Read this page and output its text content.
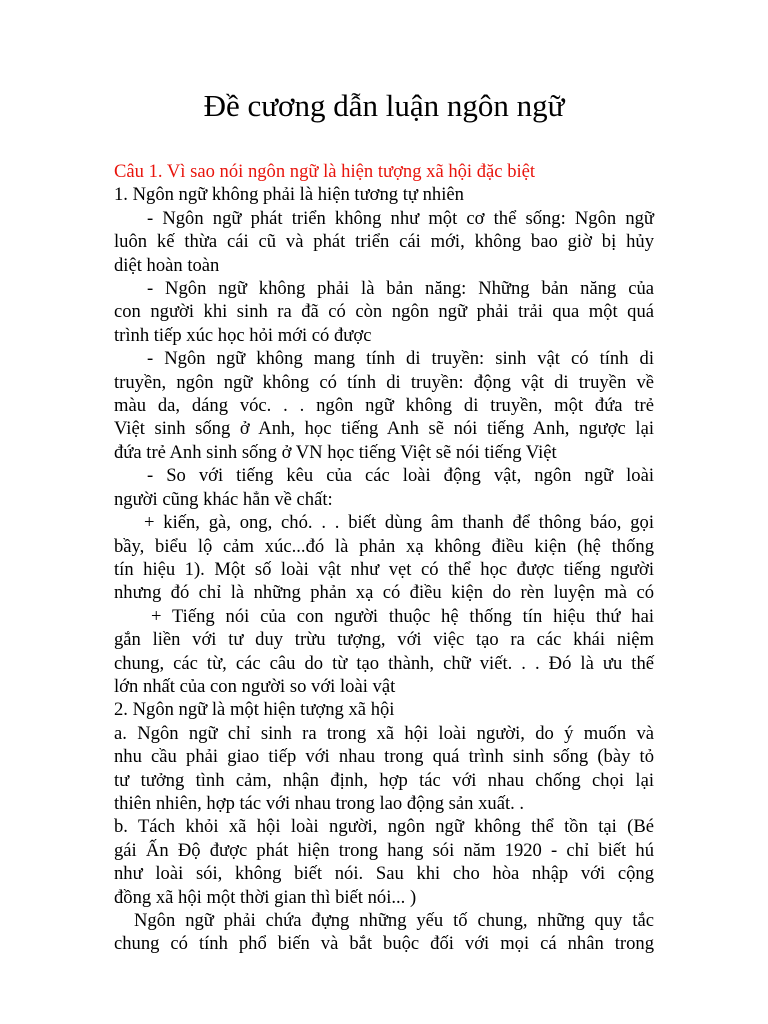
Đề cương dẫn luận ngôn ngữ
Câu 1. Vì sao nói ngôn ngữ là hiện tượng xã hội đặc biệt
1. Ngôn ngữ không phải là hiện tương tự nhiên
- Ngôn ngữ phát triển không như một cơ thể sống: Ngôn ngữ
luôn kế thừa cái cũ và phát triển cái mới, không bao giờ bị hủy
diệt hoàn toàn
- Ngôn ngữ không phải là bản năng: Những bản năng của
con người khi sinh ra đã có còn ngôn ngữ phải trải qua một quá
trình tiếp xúc học hỏi mới có được
- Ngôn ngữ không mang tính di truyền: sinh vật có tính di
truyền, ngôn ngữ không có tính di truyền: động vật di truyền về
màu da, dáng vóc. . . ngôn ngữ không di truyền, một đứa trẻ
Việt sinh sống ở Anh, học tiếng Anh sẽ nói tiếng Anh, ngược lại
đứa trẻ Anh sinh sống ở VN học tiếng Việt sẽ nói tiếng Việt
- So với tiếng kêu của các loài động vật, ngôn ngữ loài
người cũng khác hẳn về chất:
+ kiến, gà, ong, chó. . . biết dùng âm thanh để thông báo, gọi
bầy, biểu lộ cảm xúc...đó là phản xạ không điều kiện (hệ thống
tín hiệu 1). Một số loài vật như vẹt có thể học được tiếng người
nhưng đó chỉ là những phản xạ có điều kiện do rèn luyện mà có
+ Tiếng nói của con người thuộc hệ thống tín hiệu thứ hai
gắn liền với tư duy trừu tượng, với việc tạo ra các khái niệm
chung, các từ, các câu do từ tạo thành, chữ viết. . . Đó là ưu thế
lớn nhất của con người so với loài vật
2. Ngôn ngữ là một hiện tượng xã hội
a. Ngôn ngữ chỉ sinh ra trong xã hội loài người, do ý muốn và
nhu cầu phải giao tiếp với nhau trong quá trình sinh sống (bày tỏ
tư tưởng tình cảm, nhận định, hợp tác với nhau chống chọi lại
thiên nhiên, hợp tác với nhau trong lao động sản xuất. .
b. Tách khỏi xã hội loài người, ngôn ngữ không thể tồn tại (Bé
gái Ấn Độ được phát hiện trong hang sói năm 1920 - chỉ biết hú
như loài sói, không biết nói. Sau khi cho hòa nhập với cộng
đồng xã hội một thời gian thì biết nói... )
Ngôn ngữ phải chứa đựng những yếu tố chung, những quy tắc
chung có tính phổ biến và bắt buộc đối với mọi cá nhân trong
